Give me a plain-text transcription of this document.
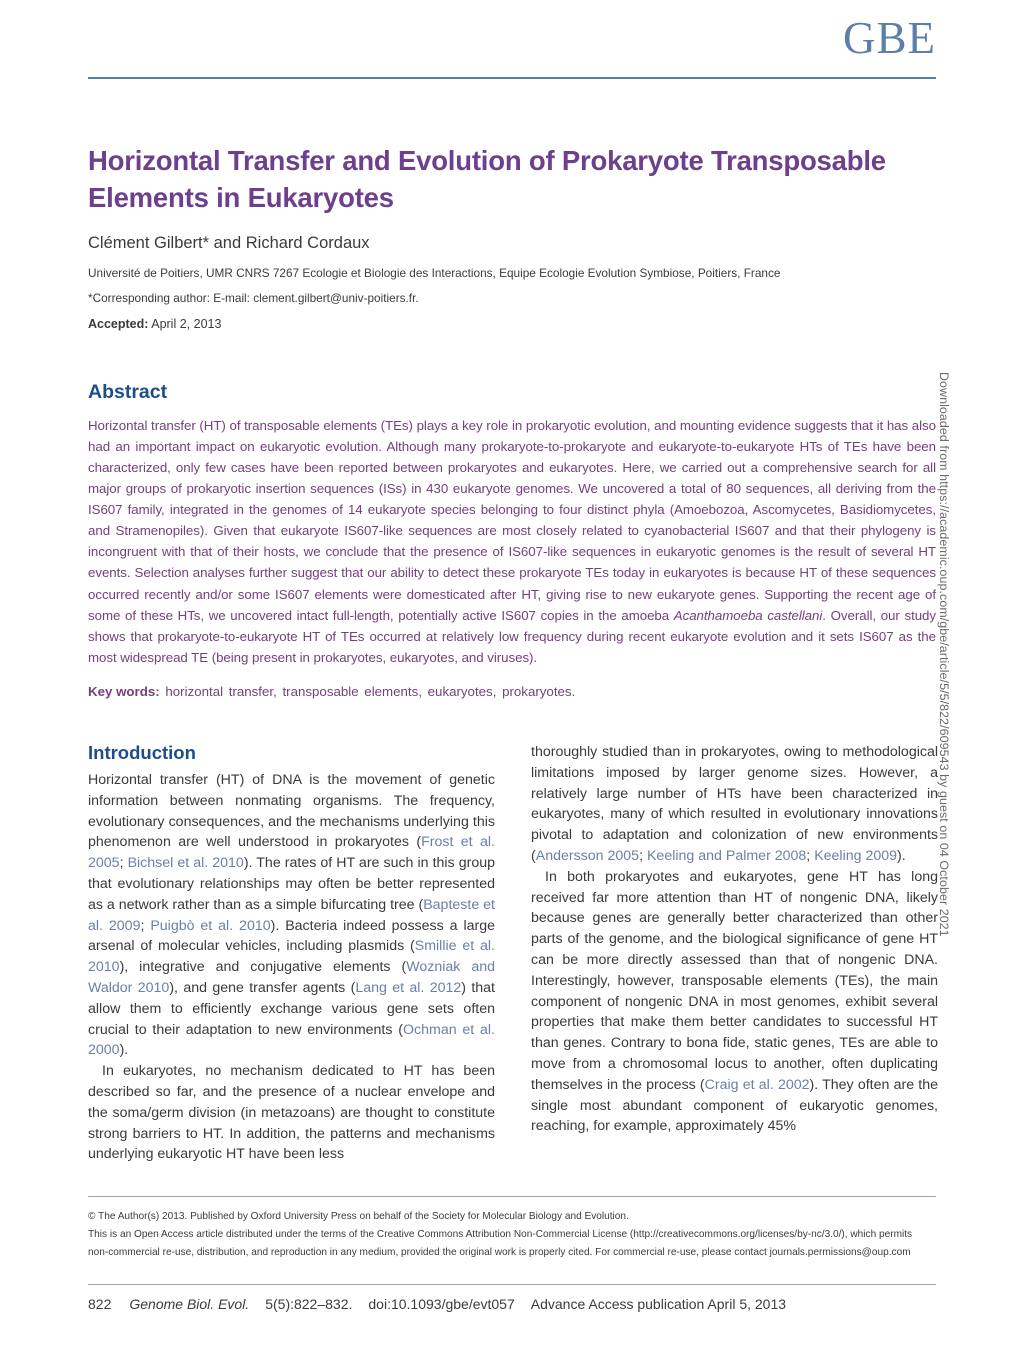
GBE
Horizontal Transfer and Evolution of Prokaryote Transposable Elements in Eukaryotes

Clément Gilbert* and Richard Cordaux

Université de Poitiers, UMR CNRS 7267 Ecologie et Biologie des Interactions, Equipe Ecologie Evolution Symbiose, Poitiers, France

*Corresponding author: E-mail: clement.gilbert@univ-poitiers.fr.

Accepted: April 2, 2013

Abstract

Horizontal transfer (HT) of transposable elements (TEs) plays a key role in prokaryotic evolution, and mounting evidence suggests that it has also had an important impact on eukaryotic evolution. Although many prokaryote-to-prokaryote and eukaryote-to-eukaryote HTs of TEs have been characterized, only few cases have been reported between prokaryotes and eukaryotes. Here, we carried out a comprehensive search for all major groups of prokaryotic insertion sequences (ISs) in 430 eukaryote genomes. We uncovered a total of 80 sequences, all deriving from the IS607 family, integrated in the genomes of 14 eukaryote species belonging to four distinct phyla (Amoebozoa, Ascomycetes, Basidiomycetes, and Stramenopiles). Given that eukaryote IS607-like sequences are most closely related to cyanobacterial IS607 and that their phylogeny is incongruent with that of their hosts, we conclude that the presence of IS607-like sequences in eukaryotic genomes is the result of several HT events. Selection analyses further suggest that our ability to detect these prokaryote TEs today in eukaryotes is because HT of these sequences occurred recently and/or some IS607 elements were domesticated after HT, giving rise to new eukaryote genes. Supporting the recent age of some of these HTs, we uncovered intact full-length, potentially active IS607 copies in the amoeba Acanthamoeba castellani. Overall, our study shows that prokaryote-to-eukaryote HT of TEs occurred at relatively low frequency during recent eukaryote evolution and it sets IS607 as the most widespread TE (being present in prokaryotes, eukaryotes, and viruses).

Key words: horizontal transfer, transposable elements, eukaryotes, prokaryotes.

Introduction

Horizontal transfer (HT) of DNA is the movement of genetic information between nonmating organisms. The frequency, evolutionary consequences, and the mechanisms underlying this phenomenon are well understood in prokaryotes (Frost et al. 2005; Bichsel et al. 2010). The rates of HT are such in this group that evolutionary relationships may often be better represented as a network rather than as a simple bifurcating tree (Bapteste et al. 2009; Puigbò et al. 2010). Bacteria indeed possess a large arsenal of molecular vehicles, including plasmids (Smillie et al. 2010), integrative and conjugative elements (Wozniak and Waldor 2010), and gene transfer agents (Lang et al. 2012) that allow them to efficiently exchange various gene sets often crucial to their adaptation to new environments (Ochman et al. 2000).

In eukaryotes, no mechanism dedicated to HT has been described so far, and the presence of a nuclear envelope and the soma/germ division (in metazoans) are thought to constitute strong barriers to HT. In addition, the patterns and mechanisms underlying eukaryotic HT have been less

thoroughly studied than in prokaryotes, owing to methodological limitations imposed by larger genome sizes. However, a relatively large number of HTs have been characterized in eukaryotes, many of which resulted in evolutionary innovations pivotal to adaptation and colonization of new environments (Andersson 2005; Keeling and Palmer 2008; Keeling 2009).

In both prokaryotes and eukaryotes, gene HT has long received far more attention than HT of nongenic DNA, likely because genes are generally better characterized than other parts of the genome, and the biological significance of gene HT can be more directly assessed than that of nongenic DNA. Interestingly, however, transposable elements (TEs), the main component of nongenic DNA in most genomes, exhibit several properties that make them better candidates to successful HT than genes. Contrary to bona fide, static genes, TEs are able to move from a chromosomal locus to another, often duplicating themselves in the process (Craig et al. 2002). They often are the single most abundant component of eukaryotic genomes, reaching, for example, approximately 45%

© The Author(s) 2013. Published by Oxford University Press on behalf of the Society for Molecular Biology and Evolution.
This is an Open Access article distributed under the terms of the Creative Commons Attribution Non-Commercial License (http://creativecommons.org/licenses/by-nc/3.0/), which permits
non-commercial re-use, distribution, and reproduction in any medium, provided the original work is properly cited. For commercial re-use, please contact journals.permissions@oup.com
822 Genome Biol. Evol. 5(5):822–832. doi:10.1093/gbe/evt057 Advance Access publication April 5, 2013
Downloaded from https://academic.oup.com/gbe/article/5/5/822/609543 by guest on 04 October 2021
